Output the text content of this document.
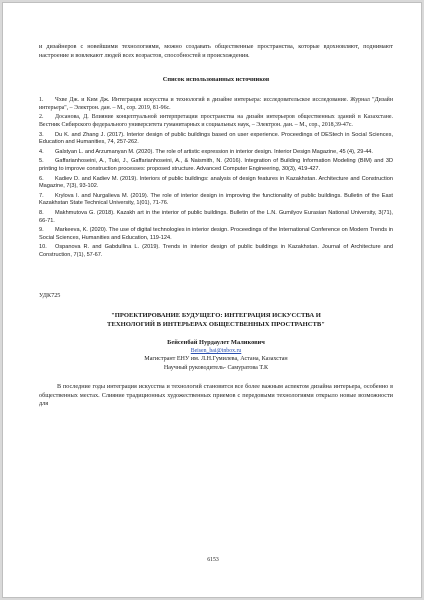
и дизайнеров с новейшими технологиями, можно создавать общественные пространства, которые вдохновляют, поднимают настроение и вовлекают людей всех возрастов, способностей и происхождения.

Список использованных источников
1. Чхве Дж. и Ким Дж. Интеграция искусства и технологий в дизайне интерьера: исследовательское исследование. Журнал "Дизайн интерьера", – Электрон. дан. – М., сор. 2019, 81-96с.
2. Досанова, Д. Влияние концептуальной интерпретации пространства на дизайн интерьеров общественных зданий в Казахстане. Вестник Сибирского федерального университета гуманитарных и социальных наук, – Электрон. дан. – М., сор., 2018,39-47с.
3. Du K. and Zhang J. (2017). Interior design of public buildings based on user experience. Proceedings of DEStech in Social Sciences, Education and Humanities, 74, 257-262.
4. Galstyan L. and Arzumanyan M. (2020). The role of artistic expression in interior design. Interior Design Magazine, 45 (4), 29-44.
5. Gaffarianhoseini, A., Tuki, J., Gaffarianhoseini, A., & Naismith, N. (2016). Integration of Building Information Modeling (BIM) and 3D printing to improve construction processes: proposed structure. Advanced Computer Engineering, 30(3), 419-427.
6. Kadiev D. and Kadiev M. (2019). Interiors of public buildings: analysis of design features in Kazakhstan. Architecture and Construction Magazine, 7(3), 93-102.
7. Krylova I. and Nurgalieva M. (2019). The role of interior design in improving the functionality of public buildings. Bulletin of the East Kazakhstan State Technical University, 1(01), 71-76.
8. Makhmutova G. (2018). Kazakh art in the interior of public buildings. Bulletin of the L.N. Gumilyov Eurasian National University, 3(71), 66-71.
9. Markeeva, K. (2020). The use of digital technologies in interior design. Proceedings of the International Conference on Modern Trends in Social Sciences, Humanities and Education, 119-124.
10. Ospanova R. and Gabdullina L. (2019). Trends in interior design of public buildings in Kazakhstan. Journal of Architecture and Construction, 7(1), 57-67.
УДК725
"ПРОЕКТИРОВАНИЕ БУДУЩЕГО: ИНТЕГРАЦИЯ ИСКУССТВА И
ТЕХНОЛОГИЙ В ИНТЕРЬЕРАХ ОБЩЕСТВЕННЫХ ПРОСТРАНСТВ"
Бейсенбай Нурдаулет Маликович
Beisen_bai@inbox.ru
Магистрант ЕНУ им. Л.Н.Гумилева, Астана, Казахстан
Научный руководитель- Самуратова Т.К

В последние годы интеграция искусства и технологий становится все более важным аспектом дизайна интерьера, особенно в общественных местах. Слияние традиционных художественных приемов с передовыми технологиями открыло новые возможности для

6153
